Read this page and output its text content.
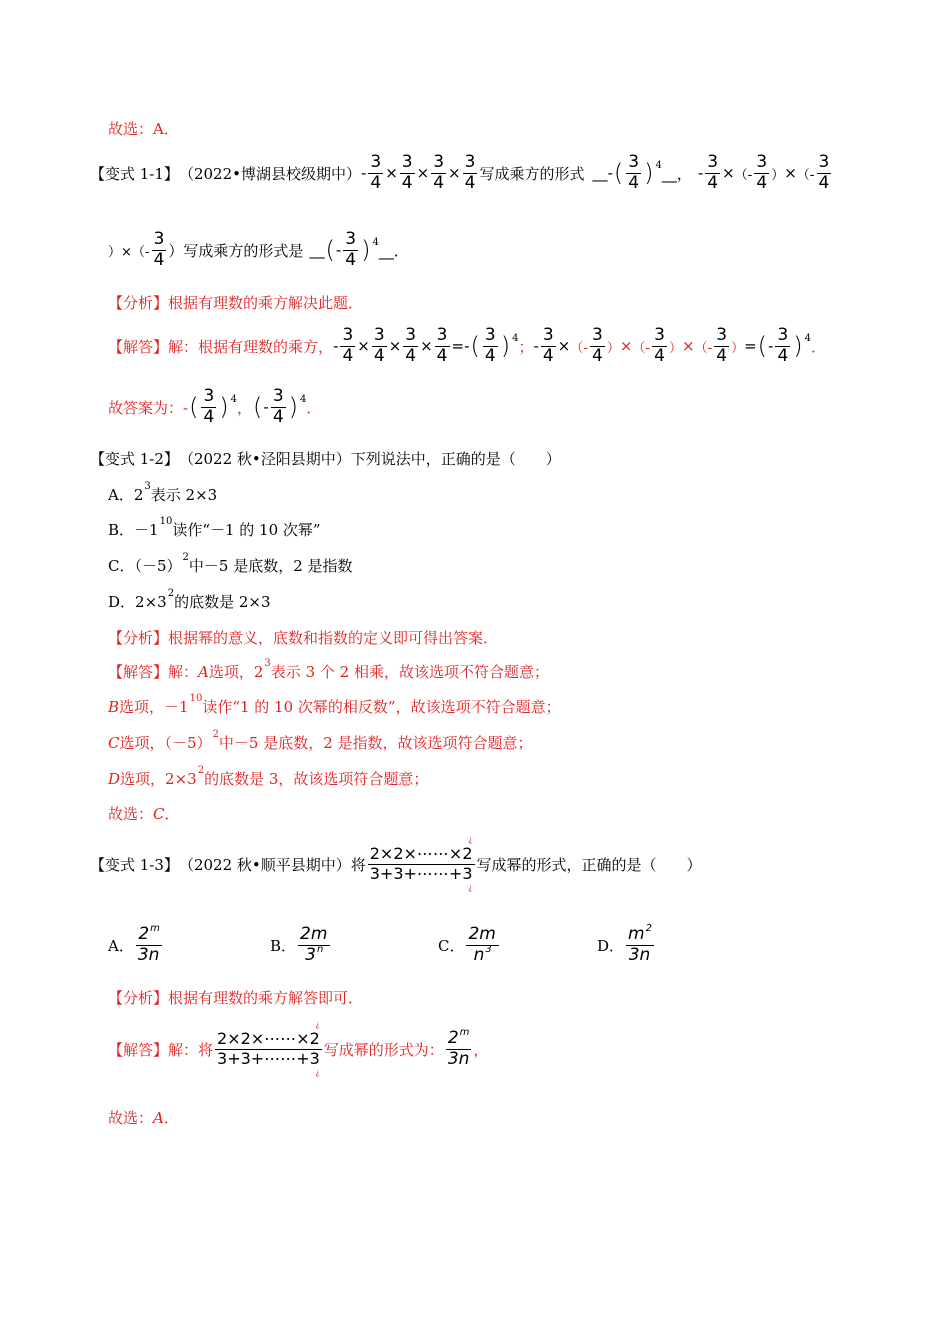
故选：A．
【变式 1-1】 （2022•博湖县校级期中） - $\frac{3}{4} \times \frac{3}{4} \times \frac{3}{4} \times \frac{3}{4}$ 写成乘方的形式 __- ( 3
4 ) 4 __， - $\frac{3}{4}$ × （-
3
4 ） × （-
3
4
）×（-
3
4 ）写成乘方的形式是 __ ( -
3
4 ) 4 __．
【分析】 根据有理数的乘方解决此题．
【解答】 解：根据有理数的乘方， - $\frac{3}{4} \times \frac{3}{4} \times \frac{3}{4} \times \frac{3}{4}$ =- ( 3
4 ) 4 ； - $\frac{3}{4}$ × （-
3
4 ） × （-
3
4 ） × （-
3
4 ） = ( -
3
4 ) 4 ．
故答案为：- ( 3
4 ) 4 ， ( -
3
4 ) 4 ．
【变式 1-2】 （2022 秋•泾阳县期中）下列说法中，正确的是（　　）
A．2 3 表示 2×3
B．－1 10 读作“－1 的 10 次幂”
C．（－5） 2 中－5 是底数，2 是指数
D．2×3 2 的底数是 2×3
【分析】 根据幂的意义，底数和指数的定义即可得出答案．
【解答】 解： A 选项，2 3 表示 3 个 2 相乘，故该选项不符合题意；
B 选项，－1 10 读作“1 的 10 次幂的相反数”，故该选项不符合题意；
C 选项，（－5） 2 中－5 是底数，2 是指数，故该选项符合题意；
D 选项，2×3 2 的底数是 3，故该选项符合题意；
故选： C ．
【变式 1-3】 （2022 秋•顺平县期中）将
¿
2×2×⋯⋯×2
3+3+⋯⋯+3
¿
写成幂的形式，正确的是（　　）
A．
2$^m$
3n	B．
2m
3$^n$	C．
2m
$n^3$	D．
$m^2$
3n
【分析】 根据有理数的乘方解答即可．
【解答】 解：将
¿
2×2×⋯⋯×2
3+3+⋯⋯+3
¿
写成幂的形式为：
2$^m$
3n ，
故选： A ．
